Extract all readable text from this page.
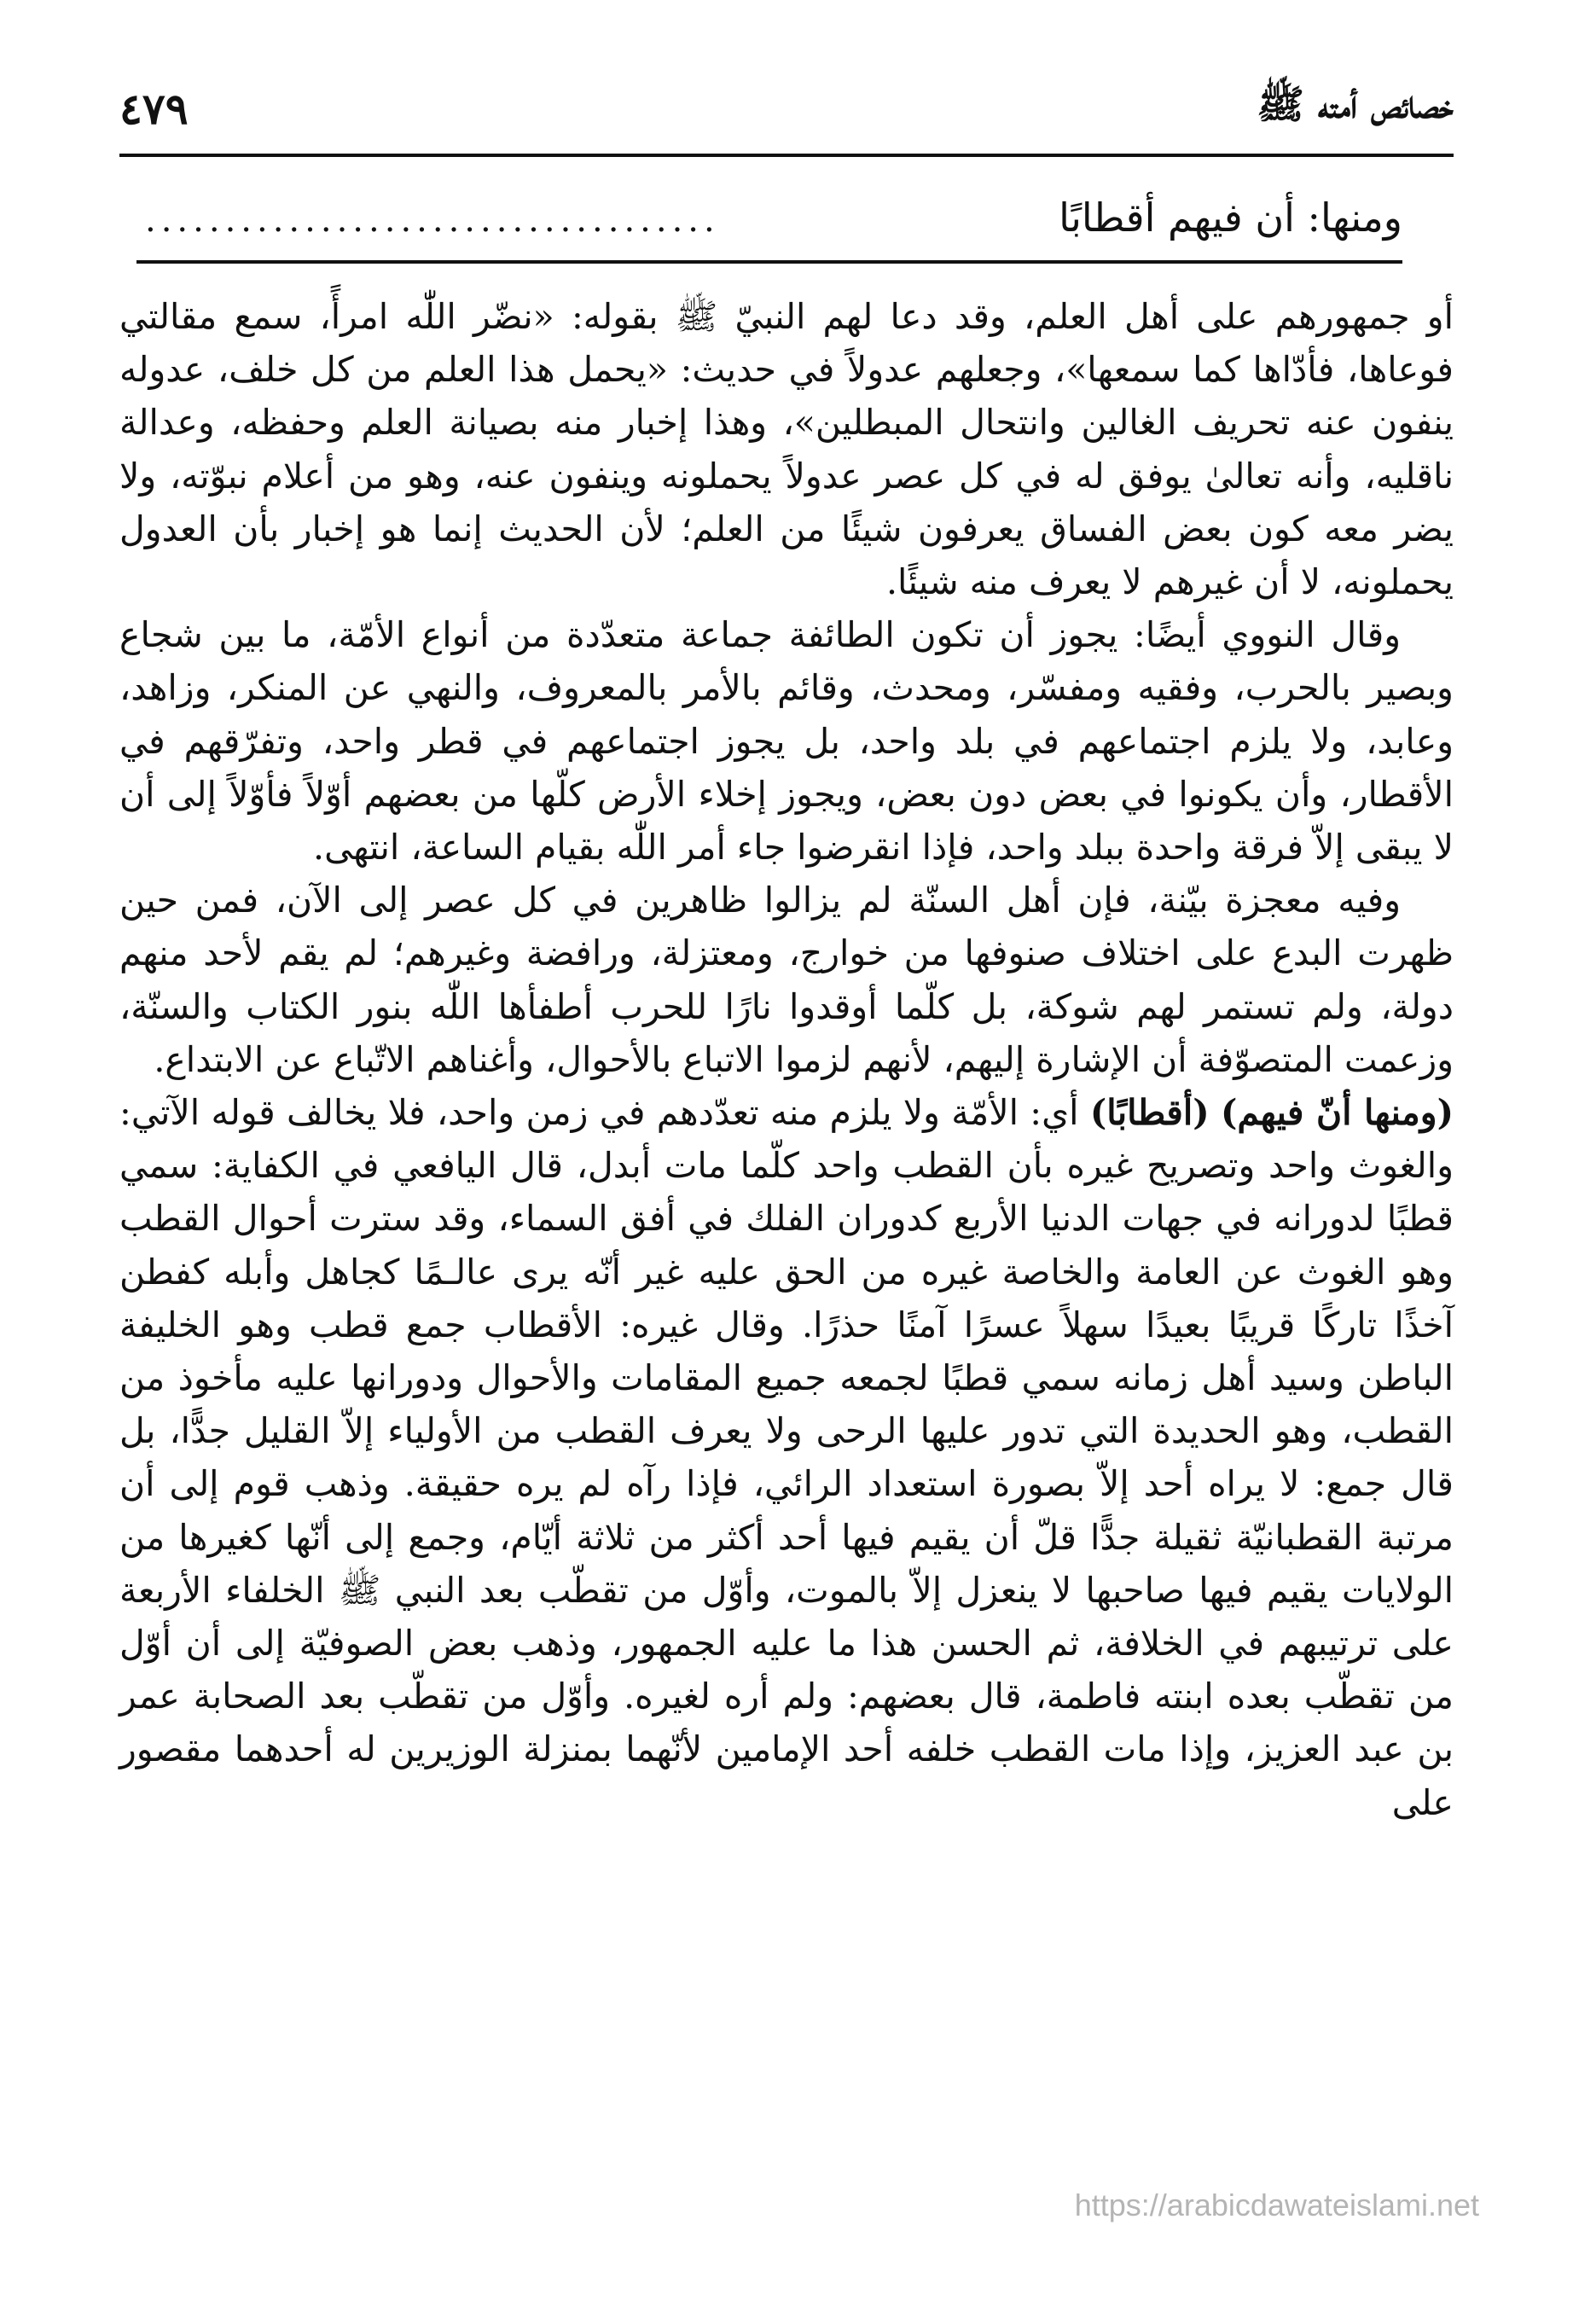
خصائص أمته ﷺ
٤٧٩
ومنها: أن فيهم أقطابًا
....................................

أو جمهورهم على أهل العلم، وقد دعا لهم النبيّ ﷺ بقوله: «نضّر اللّٰه امرأً، سمع مقالتي فوعاها، فأدّاها كما سمعها»، وجعلهم عدولاً في حديث: «يحمل هذا العلم من كل خلف، عدوله ينفون عنه تحريف الغالين وانتحال المبطلين»، وهذا إخبار منه بصيانة العلم وحفظه، وعدالة ناقليه، وأنه تعالىٰ يوفق له في كل عصر عدولاً يحملونه وينفون عنه، وهو من أعلام نبوّته، ولا يضر معه كون بعض الفساق يعرفون شيئًا من العلم؛ لأن الحديث إنما هو إخبار بأن العدول يحملونه، لا أن غيرهم لا يعرف منه شيئًا.

وقال النووي أيضًا: يجوز أن تكون الطائفة جماعة متعدّدة من أنواع الأمّة، ما بين شجاع وبصير بالحرب، وفقيه ومفسّر، ومحدث، وقائم بالأمر بالمعروف، والنهي عن المنكر، وزاهد، وعابد، ولا يلزم اجتماعهم في بلد واحد، بل يجوز اجتماعهم في قطر واحد، وتفرّقهم في الأقطار، وأن يكونوا في بعض دون بعض، ويجوز إخلاء الأرض كلّها من بعضهم أوّلاً فأوّلاً إلى أن لا يبقى إلاّ فرقة واحدة ببلد واحد، فإذا انقرضوا جاء أمر اللّٰه بقيام الساعة، انتهى.

وفيه معجزة بيّنة، فإن أهل السنّة لم يزالوا ظاهرين في كل عصر إلى الآن، فمن حين ظهرت البدع على اختلاف صنوفها من خوارج، ومعتزلة، ورافضة وغيرهم؛ لم يقم لأحد منهم دولة، ولم تستمر لهم شوكة، بل كلّما أوقدوا نارًا للحرب أطفأها اللّٰه بنور الكتاب والسنّة، وزعمت المتصوّفة أن الإشارة إليهم، لأنهم لزموا الاتباع بالأحوال، وأغناهم الاتّباع عن الابتداع.

(ومنها أنّ فيهم) (أقطابًا) أي: الأمّة ولا يلزم منه تعدّدهم في زمن واحد، فلا يخالف قوله الآتي: والغوث واحد وتصريح غيره بأن القطب واحد كلّما مات أبدل، قال اليافعي في الكفاية: سمي قطبًا لدورانه في جهات الدنيا الأربع كدوران الفلك في أفق السماء، وقد سترت أحوال القطب وهو الغوث عن العامة والخاصة غيره من الحق عليه غير أنّه يرى عالـمًا كجاهل وأبله كفطن آخذًا تاركًا قريبًا بعيدًا سهلاً عسرًا آمنًا حذرًا. وقال غيره: الأقطاب جمع قطب وهو الخليفة الباطن وسيد أهل زمانه سمي قطبًا لجمعه جميع المقامات والأحوال ودورانها عليه مأخوذ من القطب، وهو الحديدة التي تدور عليها الرحى ولا يعرف القطب من الأولياء إلاّ القليل جدًّا، بل قال جمع: لا يراه أحد إلاّ بصورة استعداد الرائي، فإذا رآه لم يره حقيقة. وذهب قوم إلى أن مرتبة القطبانيّة ثقيلة جدًّا قلّ أن يقيم فيها أحد أكثر من ثلاثة أيّام، وجمع إلى أنّها كغيرها من الولايات يقيم فيها صاحبها لا ينعزل إلاّ بالموت، وأوّل من تقطّب بعد النبي ﷺ الخلفاء الأربعة على ترتيبهم في الخلافة، ثم الحسن هذا ما عليه الجمهور، وذهب بعض الصوفيّة إلى أن أوّل من تقطّب بعده ابنته فاطمة، قال بعضهم: ولم أره لغيره. وأوّل من تقطّب بعد الصحابة عمر بن عبد العزيز، وإذا مات القطب خلفه أحد الإمامين لأنّهما بمنزلة الوزيرين له أحدهما مقصور على

https://arabicdawateislami.net
